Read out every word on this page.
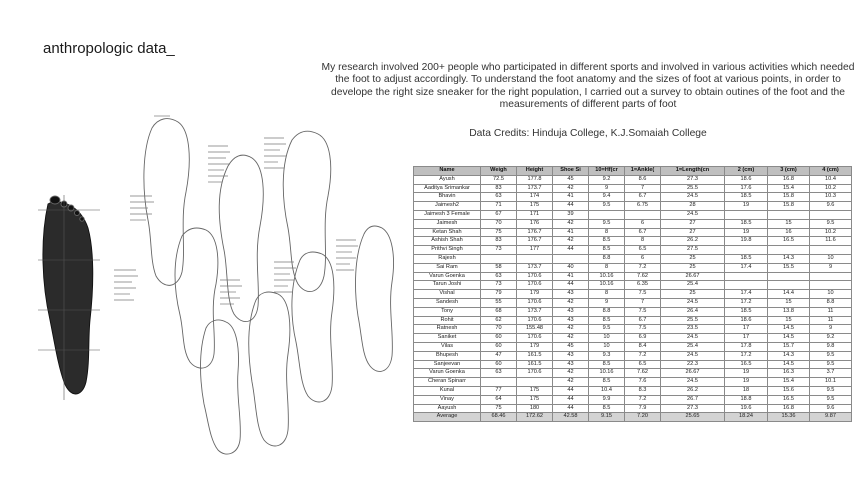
anthropologic data_
My research involved 200+ people who participated in different sports and involved in various activities which needed the foot to adjust accordingly. To understand the foot anatomy and the sizes of foot at various points, in order to develope the right size sneaker for the right population, I carried out a survey to obtain outines of the foot and the measurements of different parts of foot
Data Credits: Hinduja College, K.J.Somaiah College
Name	Weigh	Height	Shoe Si	10=Hf(cr	1=Ankle(	1=Length(cn	2 (cm)	3 (cm)	4 (cm)
Ayush	72.5	177.8	45	9.2	8.6	27.3	18.6	16.8	10.4
Aaditya Srimankar	83	173.7	42	9	7	25.5	17.6	15.4	10.2
Bhavin	63	174	41	9.4	6.7	24.5	18.5	15.8	10.3
Jaimesh2	71	175	44	9.5	6.75	28	19	15.8	9.6
Jaimesh 3 Female	67	171	39			24.5			
Jaimesh	70	176	42	9.5	6	27	18.5	15	9.5
Ketan Shah	75	176.7	41	8	6.7	27	19	16	10.2
Ashish Shah	83	176.7	42	8.5	8	26.2	19.8	16.5	11.6
Prithvi Singh	73	177	44	8.5	6.5	27.5			
Rajesh				8.8	6	25	18.5	14.3	10
Sai Ram	58	173.7	40	8	7.2	25	17.4	15.5	9
Varun Goenka	63	170.6	41	10.16	7.62	26.67			
Tarun Joshi	73	170.6	44	10.16	6.35	25.4			
Vishal	79	179	43	8	7.5	25	17.4	14.4	10
Sandesh	55	170.6	42	9	7	24.5	17.2	15	8.8
Tony	68	173.7	43	8.8	7.5	26.4	18.5	13.8	11
Rohit	62	170.6	43	8.5	6.7	25.5	18.6	15	11
Ratnesh	70	155.48	42	9.5	7.5	23.5	17	14.5	9
Saniket	60	170.6	42	10	6.9	24.5	17	14.5	9.2
Vilas	60	179	45	10	8.4	25.4	17.8	15.7	9.8
Bhupesh	47	161.5	43	9.3	7.2	24.5	17.2	14.3	9.5
Sanjeevan	60	161.5	43	8.5	6.5	22.3	16.5	14.5	9.5
Varun Goenka	63	170.6	42	10.16	7.62	26.67	19	16.3	3.7
Cheran Spinarr			42	8.5	7.6	24.5	19	15.4	10.1
Kunal	77	175	44	10.4	8.3	26.2	18	15.6	9.5
Vinay	64	175	44	9.9	7.2	26.7	18.8	16.5	9.5
Aayush	75	180	44	8.5	7.9	27.3	19.6	16.8	9.6
Average	68.46	172.62	42.58	9.15	7.20	25.65	18.24	15.36	9.87
